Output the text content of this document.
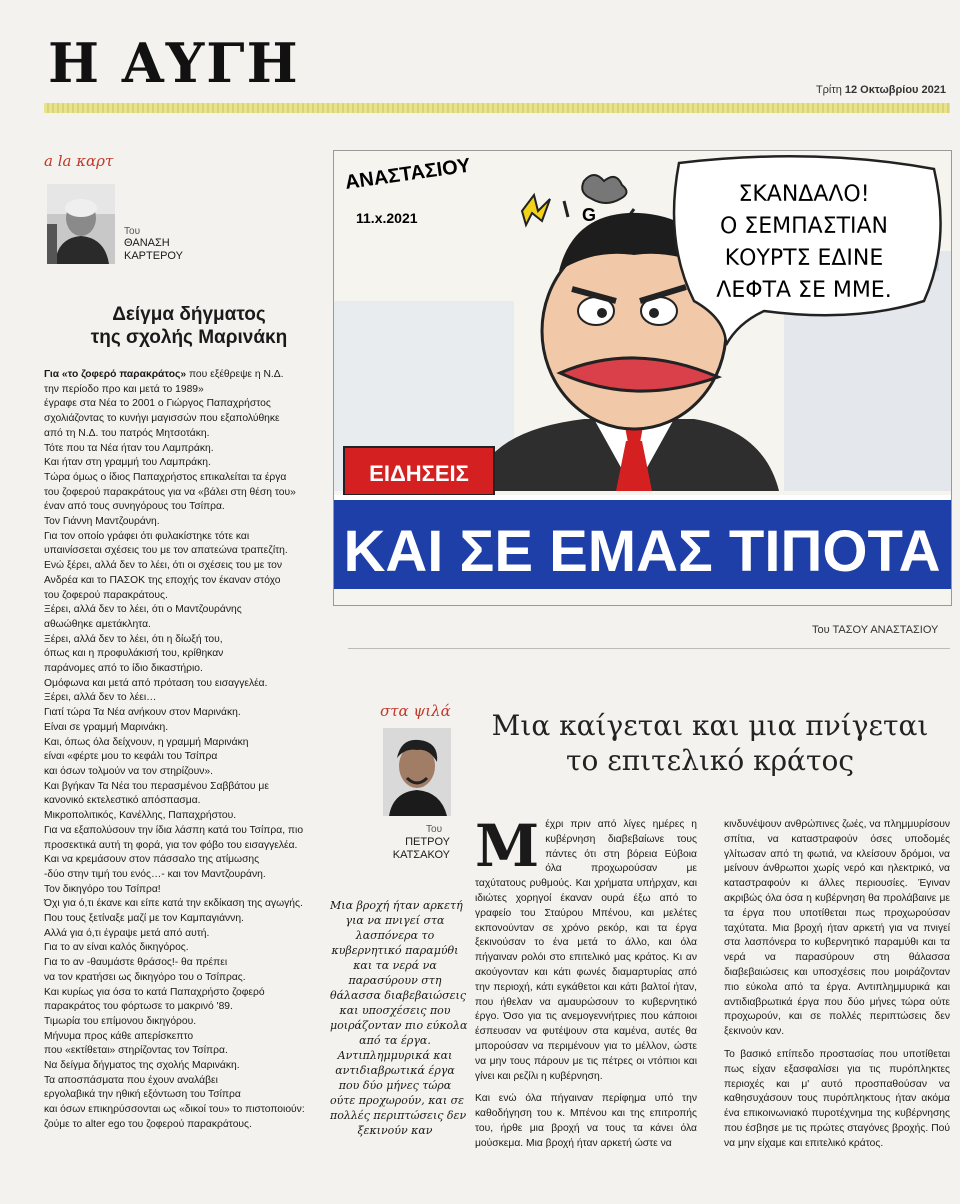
Η ΑΥΓΗ	Τρίτη 12 Οκτωβρίου 2021
a la καρτ
Του
ΘΑΝΑΣΗ
ΚΑΡΤΕΡΟΥ
Δείγμα δήγματος
της σχολής Μαρινάκη
Για «το ζοφερό παρακράτος» που εξέθρεψε η Ν.Δ.
την περίοδο προ και μετά το 1989»
έγραφε στα Νέα το 2001 ο Γιώργος Παπαχρήστος
σχολιάζοντας το κυνήγι μαγισσών που εξαπολύθηκε
από τη Ν.Δ. του πατρός Μητσοτάκη.
Τότε που τα Νέα ήταν του Λαμπράκη.
Και ήταν στη γραμμή του Λαμπράκη.
Τώρα όμως ο ίδιος Παπαχρήστος επικαλείται τα έργα
του ζοφερού παρακράτους για να «βάλει στη θέση του»
έναν από τους συνηγόρους του Τσίπρα.
Τον Γιάννη Μαντζουράνη.
Για τον οποίο γράφει ότι φυλακίστηκε τότε και
υπαινίσσεται σχέσεις του με τον απατεώνα τραπεζίτη.
Ενώ ξέρει, αλλά δεν το λέει, ότι οι σχέσεις του με τον
Ανδρέα και το ΠΑΣΟΚ της εποχής τον έκαναν στόχο
του ζοφερού παρακράτους.
Ξέρει, αλλά δεν το λέει, ότι ο Μαντζουράνης
αθωώθηκε αμετάκλητα.
Ξέρει, αλλά δεν το λέει, ότι η δίωξή του,
όπως και η προφυλάκισή του, κρίθηκαν
παράνομες από το ίδιο δικαστήριο.
Ομόφωνα και μετά από πρόταση του εισαγγελέα.
Ξέρει, αλλά δεν το λέει…
Γιατί τώρα Τα Νέα ανήκουν στον Μαρινάκη.
Είναι σε γραμμή Μαρινάκη.
Και, όπως όλα δείχνουν, η γραμμή Μαρινάκη
είναι «φέρτε μου το κεφάλι του Τσίπρα
και όσων τολμούν να τον στηρίζουν».
Και βγήκαν Τα Νέα του περασμένου Σαββάτου με
κανονικό εκτελεστικό απόσπασμα.
Μικροπολιτικός, Κανέλλης, Παπαχρήστου.
Για να εξαπολύσουν την ίδια λάσπη κατά του Τσίπρα, πιο
προσεκτικά αυτή τη φορά, για τον φόβο του εισαγγελέα.
Και να κρεμάσουν στον πάσσαλο της ατίμωσης
-δύο στην τιμή του ενός…- και τον Μαντζουράνη.
Τον δικηγόρο του Τσίπρα!
Όχι για ό,τι έκανε και είπε κατά την εκδίκαση της αγωγής.
Που τους ξετίναξε μαζί με τον Καμπαγιάννη.
Αλλά για ό,τι έγραψε μετά από αυτή.
Για το αν είναι καλός δικηγόρος.
Για το αν -θαυμάστε θράσος!- θα πρέπει
να τον κρατήσει ως δικηγόρο του ο Τσίπρας.
Και κυρίως για όσα το κατά Παπαχρήστο ζοφερό
παρακράτος του φόρτωσε το μακρινό '89.
Τιμωρία του επίμονου δικηγόρου.
Μήνυμα προς κάθε απερίσκεπτο
που «εκτίθεται» στηρίζοντας τον Τσίπρα.
Να δείγμα δήγματος της σχολής Μαρινάκη.
Τα αποσπάσματα που έχουν αναλάβει
εργολαβικά την ηθική εξόντωση του Τσίπρα
και όσων επικηρύσσονται ως «δικοί του» το πιστοποιούν:
ζούμε το alter ego του ζοφερού παρακράτους.
ΑΝΑΣΤΑΣΙΟΥ
11.x.2021	G
ΣΚΑΝΔΑΛΟ!
Ο ΣΕΜΠΑΣΤΙΑΝ
ΚΟΥΡΤΣ ΕΔΙΝΕ
ΛΕΦΤΑ ΣΕ ΜΜΕ.
ΕΙΔΗΣΕΙΣ
ΚΑΙ ΣΕ ΕΜΑΣ ΤΙΠΟΤΑ
Του ΤΑΣΟΥ ΑΝΑΣΤΑΣΙΟΥ
στα ψιλά
Του
ΠΕΤΡΟΥ
ΚΑΤΣΑΚΟΥ
Μια καίγεται και μια πνίγεται
το επιτελικό κράτος
Μια βροχή ήταν αρκετή
για να πνιγεί στα
λασπόνερα το
κυβερνητικό παραμύθι
και τα νερά να
παρασύρουν στη
θάλασσα διαβεβαιώσεις
και υποσχέσεις που
μοιράζονταν πιο εύκολα
από τα έργα.
Αντιπλημμυρικά και
αντιδιαβρωτικά έργα
που δύο μήνες τώρα
ούτε προχωρούν, και σε
πολλές περιπτώσεις δεν
ξεκινούν καν

Μέχρι πριν από λίγες ημέρες η κυβέρνηση διαβεβαίωνε τους πάντες ότι στη βόρεια Εύβοια όλα προχωρούσαν με ταχύτατους ρυθμούς. Και χρήματα υπήρχαν, και ιδιώτες χορηγοί έκαναν ουρά έξω από το γραφείο του Σταύρου Μπένου, και μελέτες εκπονούνταν σε χρόνο ρεκόρ, και τα έργα ξεκινούσαν το ένα μετά το άλλο, και όλα πήγαιναν ρολόι στο επιτελικό μας κράτος. Κι αν ακούγονταν και κάτι φωνές διαμαρτυρίας από την περιοχή, κάτι εγκάθετοι και κάτι βαλτοί ήταν, που ήθελαν να αμαυρώσουν το κυβερνητικό έργο. Όσο για τις ανεμογεννήτριες που κάποιοι έσπευσαν να φυτέψουν στα καμένα, αυτές θα μπορούσαν να περιμένουν για το μέλλον, ώστε να μην τους πάρουν με τις πέτρες οι ντόπιοι και γίνει και ρεζίλι η κυβέρνηση.

Και ενώ όλα πήγαιναν περίφημα υπό την καθοδήγηση του κ. Μπένου και της επιτροπής του, ήρθε μια βροχή να τους τα κάνει όλα μούσκεμα. Μια βροχή ήταν αρκετή ώστε να

κινδυνέψουν ανθρώπινες ζωές, να πλημμυρίσουν σπίτια, να καταστραφούν όσες υποδομές γλίτωσαν από τη φωτιά, να κλείσουν δρόμοι, να μείνουν άνθρωποι χωρίς νερό και ηλεκτρικό, να καταστραφούν κι άλλες περιουσίες. Έγιναν ακριβώς όλα όσα η κυβέρνηση θα προλάβαινε με τα έργα που υποτίθεται πως προχωρούσαν ταχύτατα. Μια βροχή ήταν αρκετή για να πνιγεί στα λασπόνερα το κυβερνητικό παραμύθι και τα νερά να παρασύρουν στη θάλασσα διαβεβαιώσεις και υποσχέσεις που μοιράζονταν πιο εύκολα από τα έργα. Αντιπλημμυρικά και αντιδιαβρωτικά έργα που δύο μήνες τώρα ούτε προχωρούν, και σε πολλές περιπτώσεις δεν ξεκινούν καν.

Το βασικό επίπεδο προστασίας που υποτίθεται πως είχαν εξασφαλίσει για τις πυρόπληκτες περιοχές και μ' αυτό προσπαθούσαν να καθησυχάσουν τους πυρόπληκτους ήταν ακόμα ένα επικοινωνιακό πυροτέχνημα της κυβέρνησης που έσβησε με τις πρώτες σταγόνες βροχής. Πού να μην είχαμε και επιτελικό κράτος.
